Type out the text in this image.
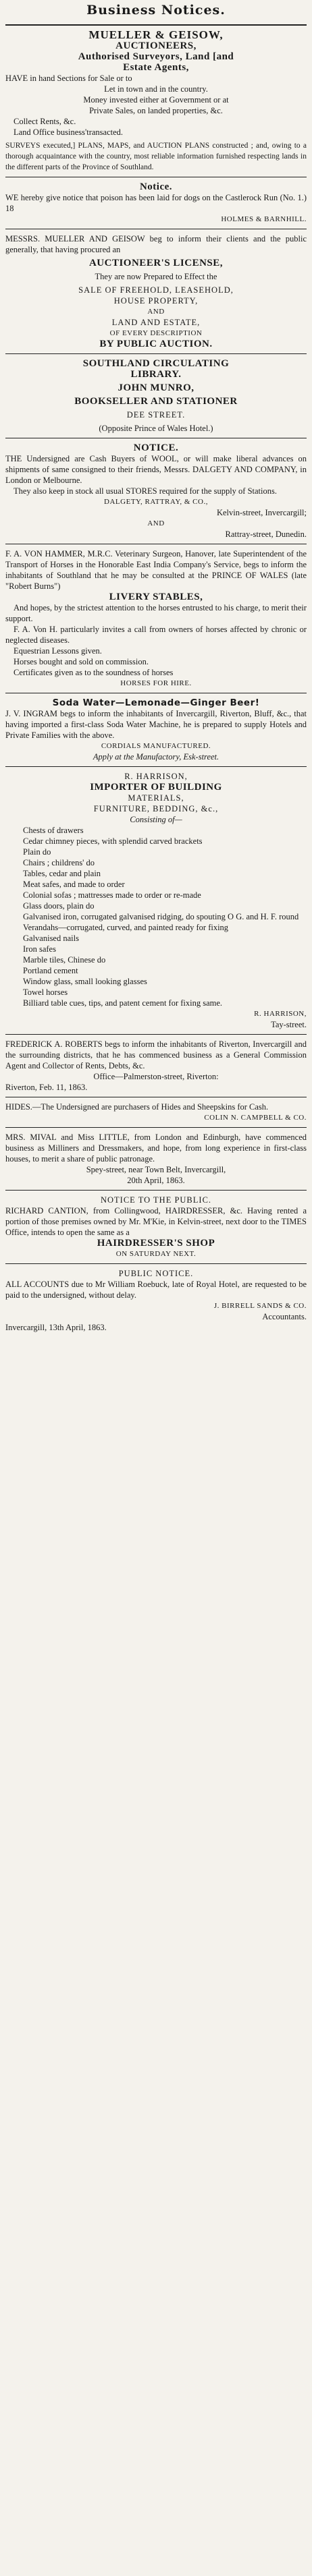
Business Notices.

MUELLER & GEISOW,

AUCTIONEERS,

Authorised Surveyors, Land [and

Estate Agents,

HAVE in hand Sections for Sale or to

Let in town and in the country.

Money invested either at Government or at

Private Sales, on landed properties, &c.

Collect Rents, &c.

Land Office business'transacted.

SURVEYS executed,] PLANS, MAPS, and AUCTION PLANS constructed ; and, owing to a thorough acquaintance with the country, most reliable information furnished respecting lands in the different parts of the Province of Southland.

Notice.

WE hereby give notice that poison has been laid for dogs on the Castlerock Run (No. 1.) 18

HOLMES & BARNHILL.

MESSRS. MUELLER AND GEISOW beg to inform their clients and the public generally, that having procured an

AUCTIONEER'S LICENSE,

They are now Prepared to Effect the

SALE OF FREEHOLD, LEASEHOLD,

HOUSE PROPERTY,

AND

LAND AND ESTATE,

OF EVERY DESCRIPTION

BY PUBLIC AUCTION.

SOUTHLAND CIRCULATING

LIBRARY.

JOHN MUNRO,

BOOKSELLER AND STATIONER

DEE STREET.

(Opposite Prince of Wales Hotel.)

NOTICE.

THE Undersigned are Cash Buyers of WOOL, or will make liberal advances on shipments of same consigned to their friends, Messrs. DALGETY AND COMPANY, in London or Melbourne.

They also keep in stock all usual STORES required for the supply of Stations.

DALGETY, RATTRAY, & CO.,

Kelvin-street, Invercargill;

AND

Rattray-street, Dunedin.

F. A. VON HAMMER, M.R.C. Veterinary Surgeon, Hanover, late Superintendent of the Transport of Horses in the Honorable East India Company's Service, begs to inform the inhabitants of Southland that he may be consulted at the PRINCE OF WALES (late "Robert Burns")

LIVERY STABLES,

And hopes, by the strictest attention to the horses entrusted to his charge, to merit their support.

F. A. Von H. particularly invites a call from owners of horses affected by chronic or neglected diseases.

Equestrian Lessons given.

Horses bought and sold on commission.

Certificates given as to the soundness of horses

HORSES FOR HIRE.

Soda Water—Lemonade—Ginger Beer!

J. V. INGRAM begs to inform the inhabitants of Invercargill, Riverton, Bluff, &c., that having imported a first-class Soda Water Machine, he is prepared to supply Hotels and Private Families with the above.

CORDIALS MANUFACTURED.

Apply at the Manufactory, Esk-street.

R. HARRISON,

IMPORTER OF BUILDING

MATERIALS,

FURNITURE, BEDDING, &c.,

Consisting of—

Chests of drawers

Cedar chimney pieces, with splendid carved brackets

Plain do

Chairs ; childrens' do

Tables, cedar and plain

Meat safes, and made to order

Colonial sofas ; mattresses made to order or re-made

Glass doors, plain do

Galvanised iron, corrugated galvanised ridging, do spouting O G. and H. F. round

Verandahs—corrugated, curved, and painted ready for fixing

Galvanised nails

Iron safes

Marble tiles, Chinese do

Portland cement

Window glass, small looking glasses

Towel horses

Billiard table cues, tips, and patent cement for fixing same.

R. HARRISON,

Tay-street.

FREDERICK A. ROBERTS begs to inform the inhabitants of Riverton, Invercargill and the surrounding districts, that he has commenced business as a General Commission Agent and Collector of Rents, Debts, &c.

Office—Palmerston-street, Riverton:

Riverton, Feb. 11, 1863.

HIDES.—The Undersigned are purchasers of Hides and Sheepskins for Cash.

COLIN N. CAMPBELL & CO.

MRS. MIVAL and Miss LITTLE, from London and Edinburgh, have commenced business as Milliners and Dressmakers, and hope, from long experience in first-class houses, to merit a share of public patronage.

Spey-street, near Town Belt, Invercargill,

20th April, 1863.

NOTICE TO THE PUBLIC.

RICHARD CANTION, from Collingwood, HAIRDRESSER, &c. Having rented a portion of those premises owned by Mr. M'Kie, in Kelvin-street, next door to the TIMES Office, intends to open the same as a

HAIRDRESSER'S SHOP

ON SATURDAY NEXT.

PUBLIC NOTICE.

ALL ACCOUNTS due to Mr William Roebuck, late of Royal Hotel, are requested to be paid to the undersigned, without delay.

J. BIRRELL SANDS & CO.

Accountants.

Invercargill, 13th April, 1863.
